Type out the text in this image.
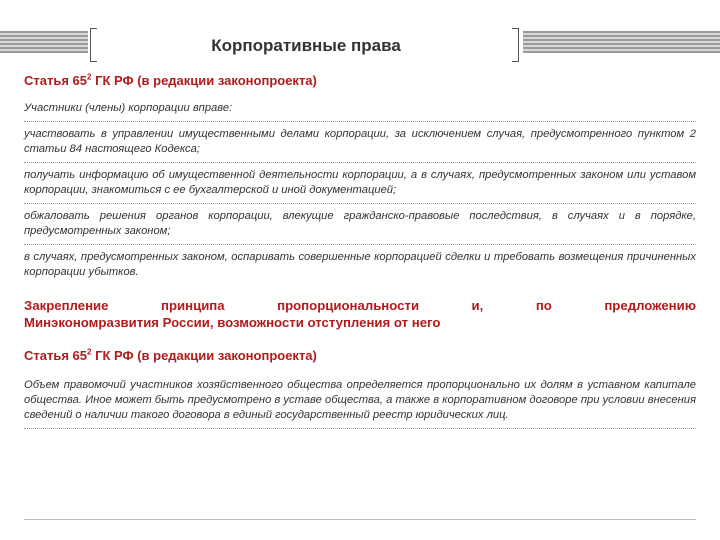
Корпоративные права
Статья $65^2$ ГК РФ (в редакции законопроекта)
Участники (члены) корпорации вправе:
участвовать в управлении имущественными делами корпорации, за исключением случая, предусмотренного пунктом 2 статьи 84 настоящего Кодекса;
получать информацию об имущественной деятельности корпорации, а в случаях, предусмотренных законом или уставом корпорации, знакомиться с ее бухгалтерской и иной документацией;
обжаловать решения органов корпорации, влекущие гражданско-правовые последствия, в случаях и в порядке, предусмотренных законом;
в случаях, предусмотренных законом, оспаривать совершенные корпорацией сделки и требовать возмещения причиненных корпорации убытков.
Закрепление принципа пропорциональности и, по предложению
Минэкономразвития России, возможности отступления от него
Статья $65^2$ ГК РФ (в редакции законопроекта)
Объем правомочий участников хозяйственного общества определяется пропорционально их долям в уставном капитале общества. Иное может быть предусмотрено в уставе общества, а также в корпоративном договоре при условии внесения сведений о наличии такого договора в единый государственный реестр юридических лиц.
